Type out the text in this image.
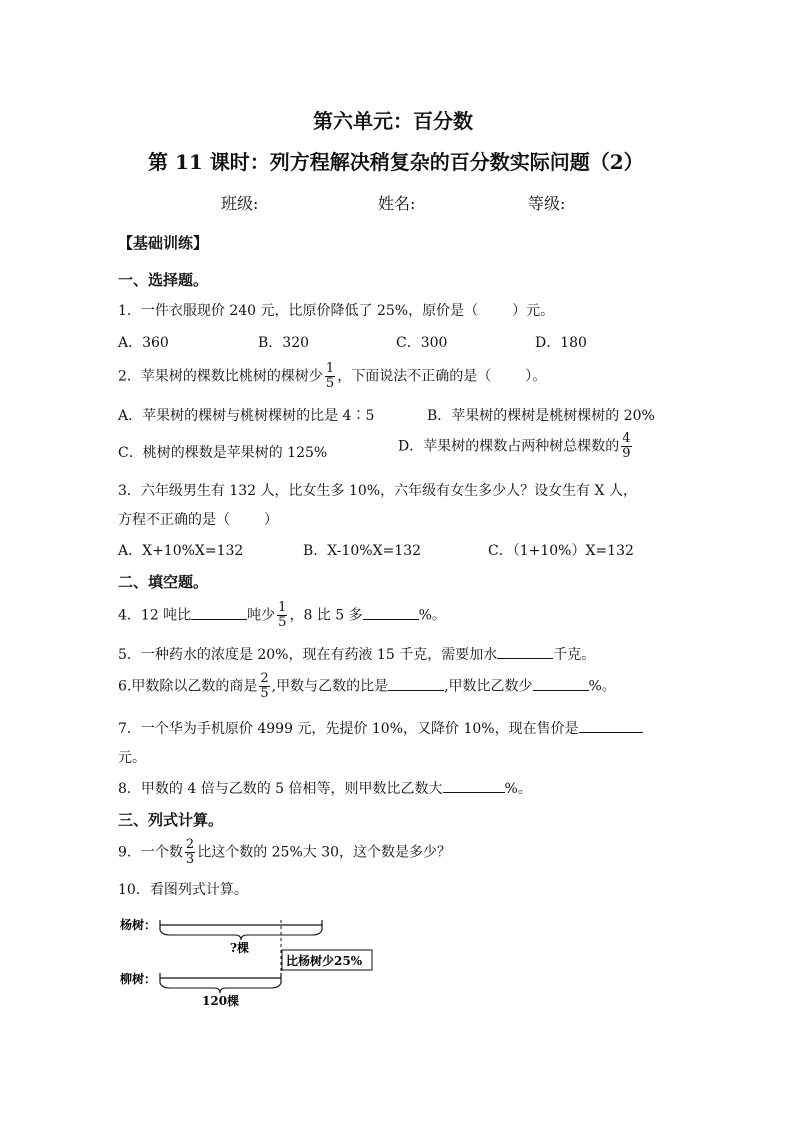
第六单元：百分数
第 11 课时：列方程解决稍复杂的百分数实际问题（2）
班级:	姓名:	等级:
【基础训练】
一、选择题。
1．一件衣服现价 240 元，比原价降低了 25%，原价是（ ）元。
A．360	B．320	C．300	D．180
2．苹果树的棵数比桃树的棵树少 $\frac{1}{5}$ ，下面说法不正确的是（ ）。
A．苹果树的棵树与桃树棵树的比是 4∶5	B．苹果树的棵树是桃树棵树的 20%
C．桃树的棵数是苹果树的 125%	D．苹果树的棵数占两种树总棵数的 $\frac{4}{9}$
3．六年级男生有 132 人，比女生多 10%，六年级有女生多少人？设女生有 X 人，
方程不正确的是（ ）
A．X+10%X=132	B．X-10%X=132	C．（1+10%）X=132
二、填空题。
4．12 吨比	吨少 $\frac{1}{5}$ ，8 比 5 多	%。
5．一种药水的浓度是 20%，现在有药液 15 千克，需要加水	千克。
6.甲数除以乙数的商是 $\frac{2}{5}$ ,甲数与乙数的比是	,甲数比乙数少	%。
7．一个华为手机原价 4999 元，先提价 10%，又降价 10%，现在售价是
元。
8．甲数的 4 倍与乙数的 5 倍相等，则甲数比乙数大	%。
三、列式计算。
9．一个数 $\frac{2}{3}$ 比这个数的 25%大 30，这个数是多少？
10．看图列式计算。
杨树：
?棵
比杨树少25%
柳树：
120棵
